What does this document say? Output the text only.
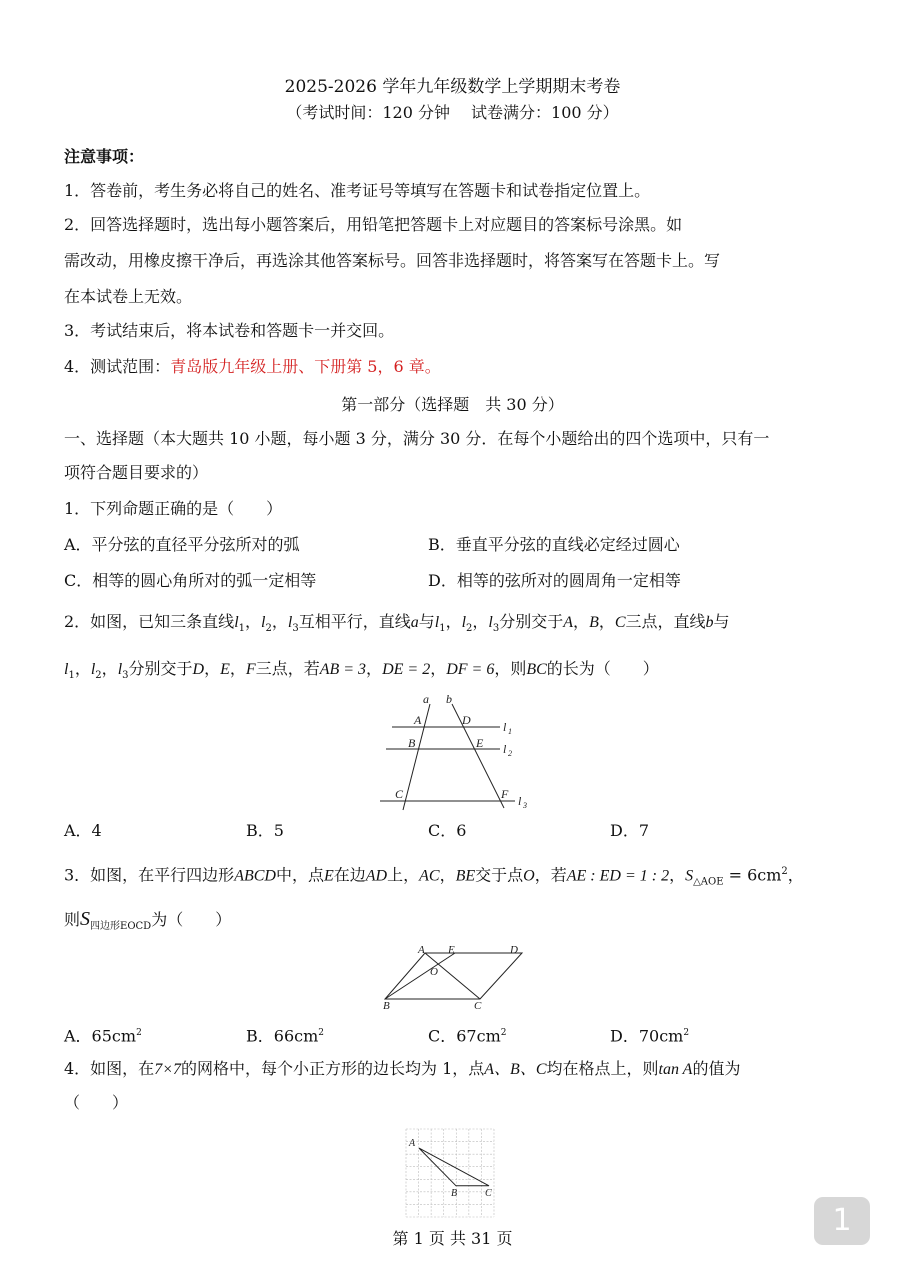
2025-2026 学年九年级数学上学期期末考卷
（考试时间：120 分钟　 试卷满分：100 分）
注意事项：
1．答卷前，考生务必将自己的姓名、准考证号等填写在答题卡和试卷指定位置上。
2．回答选择题时，选出每小题答案后，用铅笔把答题卡上对应题目的答案标号涂黑。如
需改动，用橡皮擦干净后，再选涂其他答案标号。回答非选择题时，将答案写在答题卡上。写
在本试卷上无效。
3．考试结束后，将本试卷和答题卡一并交回。
4．测试范围：青岛版九年级上册、下册第 5，6 章。
第一部分（选择题　共 30 分）
一、选择题（本大题共 10 小题，每小题 3 分，满分 30 分．在每个小题给出的四个选项中，只有一
项符合题目要求的）
1．下列命题正确的是（　　）
A．平分弦的直径平分弦所对的弧	B．垂直平分弦的直线必定经过圆心
C．相等的圆心角所对的弧一定相等	D．相等的弦所对的圆周角一定相等
2．如图，已知三条直线$l_1$，$l_2$，$l_3$互相平行，直线a与$l_1$，$l_2$，$l_3$分别交于A，B，C三点，直线b与
$l_1$，$l_2$，$l_3$分别交于D，E，F三点，若AB = 3，DE = 2，DF = 6，则BC的长为（　　）
a b
A	D
B	E
C	F
l 1
l 2
l 3
A．4	B．5	C．6	D．7
3．如图，在平行四边形ABCD中，点E在边AD上，AC，BE交于点O，若AE : ED = 1 : 2，$S_{\triangle AOE} = 6cm^2$，
则$S_{四边形EOCD}$为（　　）
A E	D
O
B	C
A．$65cm^2$	B．$66cm^2$	C．$67cm^2$	D．$70cm^2$
4．如图，在7×7的网格中，每个小正方形的边长均为 1，点A、B、C均在格点上，则tan A的值为
（　　）
A
B	C
第 1 页 共 31 页
1
